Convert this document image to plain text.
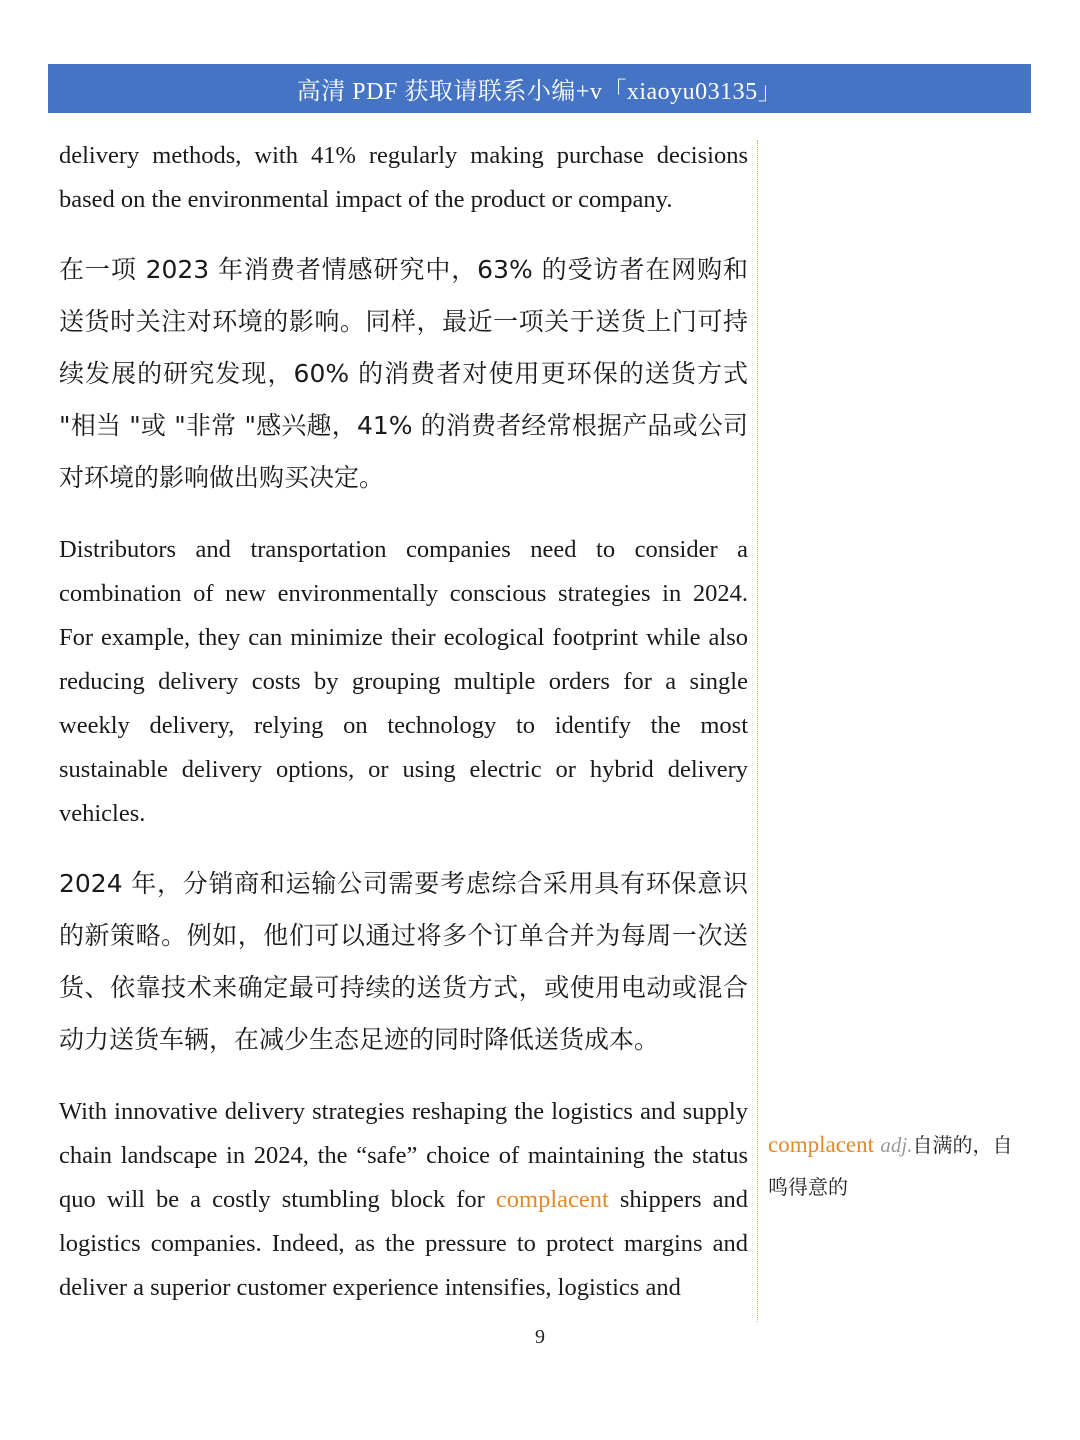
高清 PDF 获取请联系小编+v「xiaoyu03135」

delivery methods, with 41% regularly making purchase decisions based on the environmental impact of the product or company.

在一项 2023 年消费者情感研究中，63% 的受访者在网购和送货时关注对环境的影响。同样，最近一项关于送货上门可持续发展的研究发现，60% 的消费者对使用更环保的送货方式 "相当 "或 "非常 "感兴趣，41% 的消费者经常根据产品或公司对环境的影响做出购买决定。

Distributors and transportation companies need to consider a combination of new environmentally conscious strategies in 2024. For example, they can minimize their ecological footprint while also reducing delivery costs by grouping multiple orders for a single weekly delivery, relying on technology to identify the most sustainable delivery options, or using electric or hybrid delivery vehicles.

2024 年，分销商和运输公司需要考虑综合采用具有环保意识的新策略。例如，他们可以通过将多个订单合并为每周一次送货、依靠技术来确定最可持续的送货方式，或使用电动或混合动力送货车辆，在减少生态足迹的同时降低送货成本。

With innovative delivery strategies reshaping the logistics and supply chain landscape in 2024, the “safe” choice of maintaining the status quo will be a costly stumbling block for complacent shippers and logistics companies. Indeed, as the pressure to protect margins and deliver a superior customer experience intensifies, logistics and

complacent adj.自满的，自鸣得意的
9
